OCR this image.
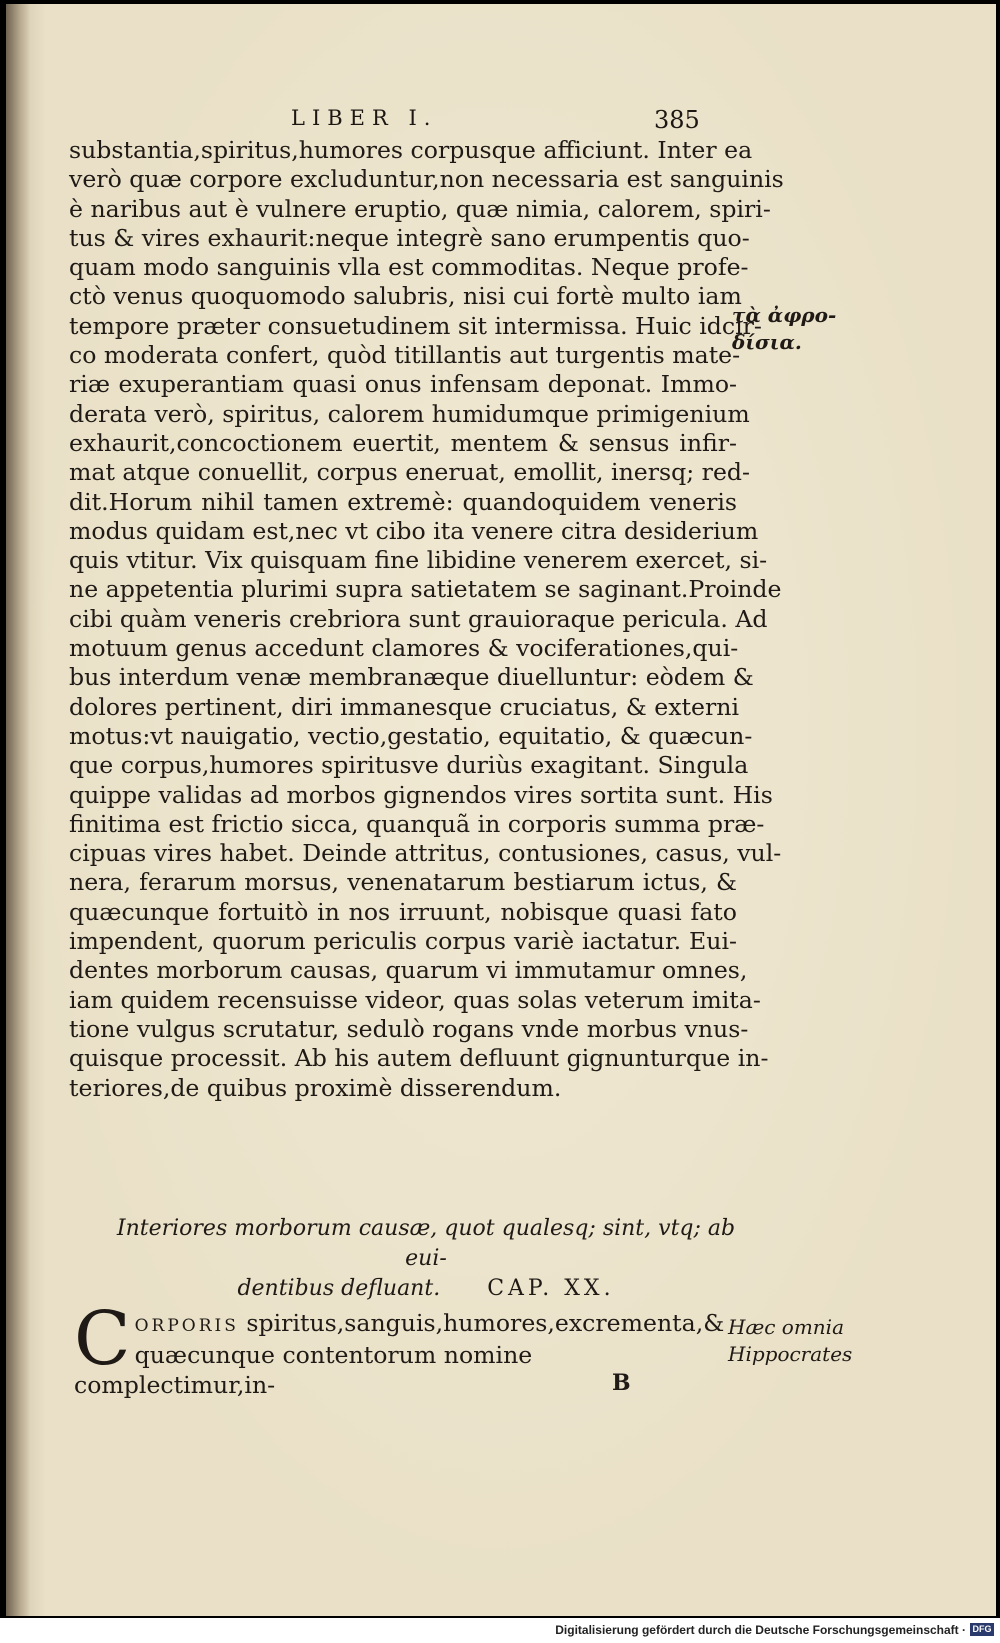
LIBER I.	385
substantia,spiritus,humores corpusque afficiunt. Inter ea
verò quæ corpore excluduntur,non necessaria est sanguinis
è naribus aut è vulnere eruptio, quæ nimia, calorem, spiri-
tus & vires exhaurit:neque integrè sano erumpentis quo-
quam modo sanguinis vlla est commoditas. Neque profe-
ctò venus quoquomodo salubris, nisi cui fortè multo iam
tempore præter consuetudinem sit intermissa. Huic idcir-
co moderata confert, quòd titillantis aut turgentis mate-
riæ exuperantiam quasi onus infensam deponat. Immo-
derata verò, spiritus, calorem humidumque primigenium
exhaurit,concoctionem euertit, mentem & sensus infir-
mat atque conuellit, corpus eneruat, emollit, inersq; red-
dit.Horum nihil tamen extremè: quandoquidem veneris
modus quidam est,nec vt cibo ita venere citra desiderium
quis vtitur. Vix quisquam fine libidine venerem exercet, si-
ne appetentia plurimi supra satietatem se saginant.Proinde
cibi quàm veneris crebriora sunt grauioraque pericula. Ad
motuum genus accedunt clamores & vociferationes,qui-
bus interdum venæ membranæque diuelluntur: eòdem &
dolores pertinent, diri immanesque cruciatus, & externi
motus:vt nauigatio, vectio,gestatio, equitatio, & quæcun-
que corpus,humores spiritusve duriùs exagitant. Singula
quippe validas ad morbos gignendos vires sortita sunt. His
finitima est frictio sicca, quanquã in corporis summa præ-
cipuas vires habet. Deinde attritus, contusiones, casus, vul-
nera, ferarum morsus, venenatarum bestiarum ictus, &
quæcunque fortuitò in nos irruunt, nobisque quasi fato
impendent, quorum periculis corpus variè iactatur. Eui-
dentes morborum causas, quarum vi immutamur omnes,
iam quidem recensuisse videor, quas solas veterum imita-
tione vulgus scrutatur, sedulò rogans vnde morbus vnus-
quisque processit. Ab his autem defluunt gignunturque in-
teriores,de quibus proximè disserendum.
τὰ ἀφρο-
δίσια.
Interiores morborum causæ, quot qualesq; sint, vtq; ab eui-
dentibus defluant. CAP. XX.
C ORPORIS spiritus,sanguis,humores,excrementa,&
quæcunque contentorum nomine complectimur,in-
Hæc omnia
Hippocrates
B
Digitalisierung gefördert durch die Deutsche Forschungsgemeinschaft · DFG
